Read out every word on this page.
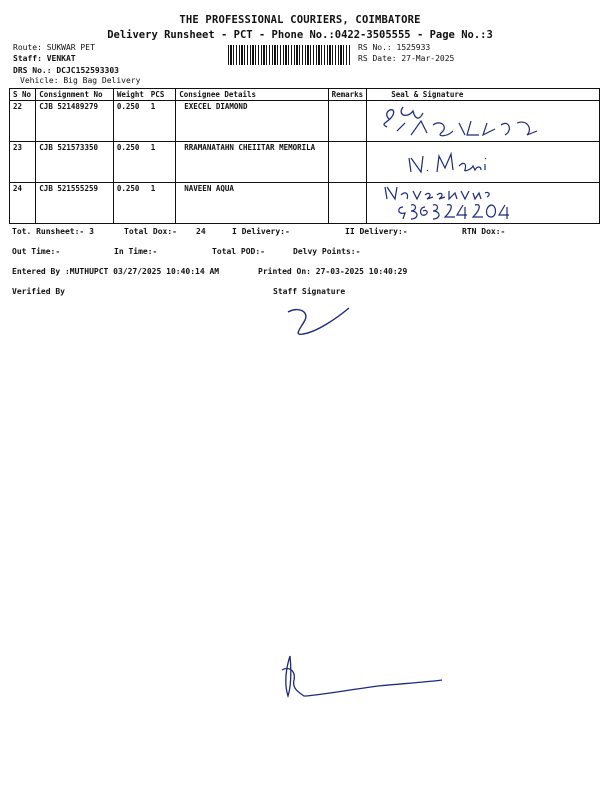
THE PROFESSIONAL COURIERS, COIMBATORE
Delivery Runsheet - PCT - Phone No.:0422-3505555 - Page No.:3
Route: SUKWAR PET
Staff: VENKAT
DRS No.: DCJC152593303
Vehicle: Big Bag Delivery
RS No.: 1525933
RS Date: 27-Mar-2025
S No	Consignment No	Weight	PCS	Consignee Details	Remarks	Seal & Signature
22	CJB 521489279	0.250	1	EXECEL DIAMOND		

23	CJB 521573350	0.250	1	RRAMANATAHN CHEIITAR MEMORILA		

24	CJB 521555259	0.250	1	NAVEEN AQUA		
Tot. Runsheet:- 3	Total Dox:- 24	I Delivery:-	II Delivery:-	RTN Dox:-
Out Time:-	In Time:-	Total POD:-	Delvy Points:-
Entered By :MUTHUPCT 03/27/2025 10:40:14 AM	Printed On: 27-03-2025 10:40:29
Verified By	Staff Signature
